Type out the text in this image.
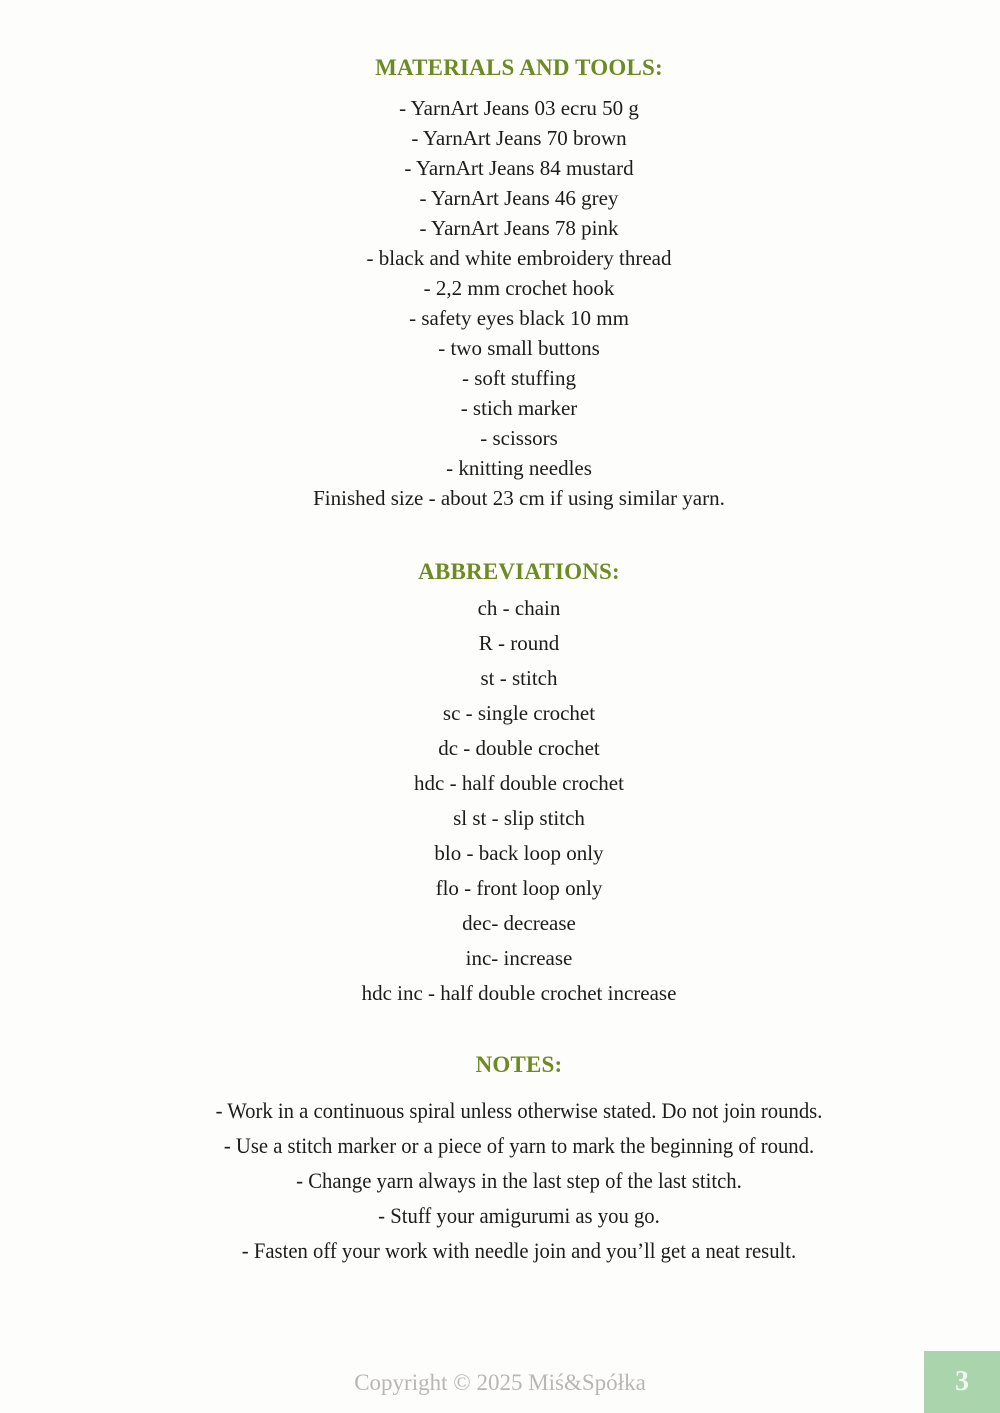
MATERIALS AND TOOLS:
- YarnArt Jeans 03 ecru 50 g
- YarnArt Jeans 70 brown
- YarnArt Jeans 84 mustard
- YarnArt Jeans 46 grey
- YarnArt Jeans 78 pink
- black and white embroidery thread
- 2,2 mm crochet hook
- safety eyes black 10 mm
- two small buttons
- soft stuffing
- stich marker
- scissors
- knitting needles
Finished size - about 23 cm if using similar yarn.
ABBREVIATIONS:
ch - chain
R - round
st - stitch
sc - single crochet
dc - double crochet
hdc - half double crochet
sl st - slip stitch
blo - back loop only
flo - front loop only
dec- decrease
inc- increase
hdc inc - half double crochet increase
NOTES:
- Work in a continuous spiral unless otherwise stated. Do not join rounds.
- Use a stitch marker or a piece of yarn to mark the beginning of round.
- Change yarn always in the last step of the last stitch.
- Stuff your amigurumi as you go.
- Fasten off your work with needle join and you’ll get a neat result.
Copyright © 2025 Miś&Spółka	3
